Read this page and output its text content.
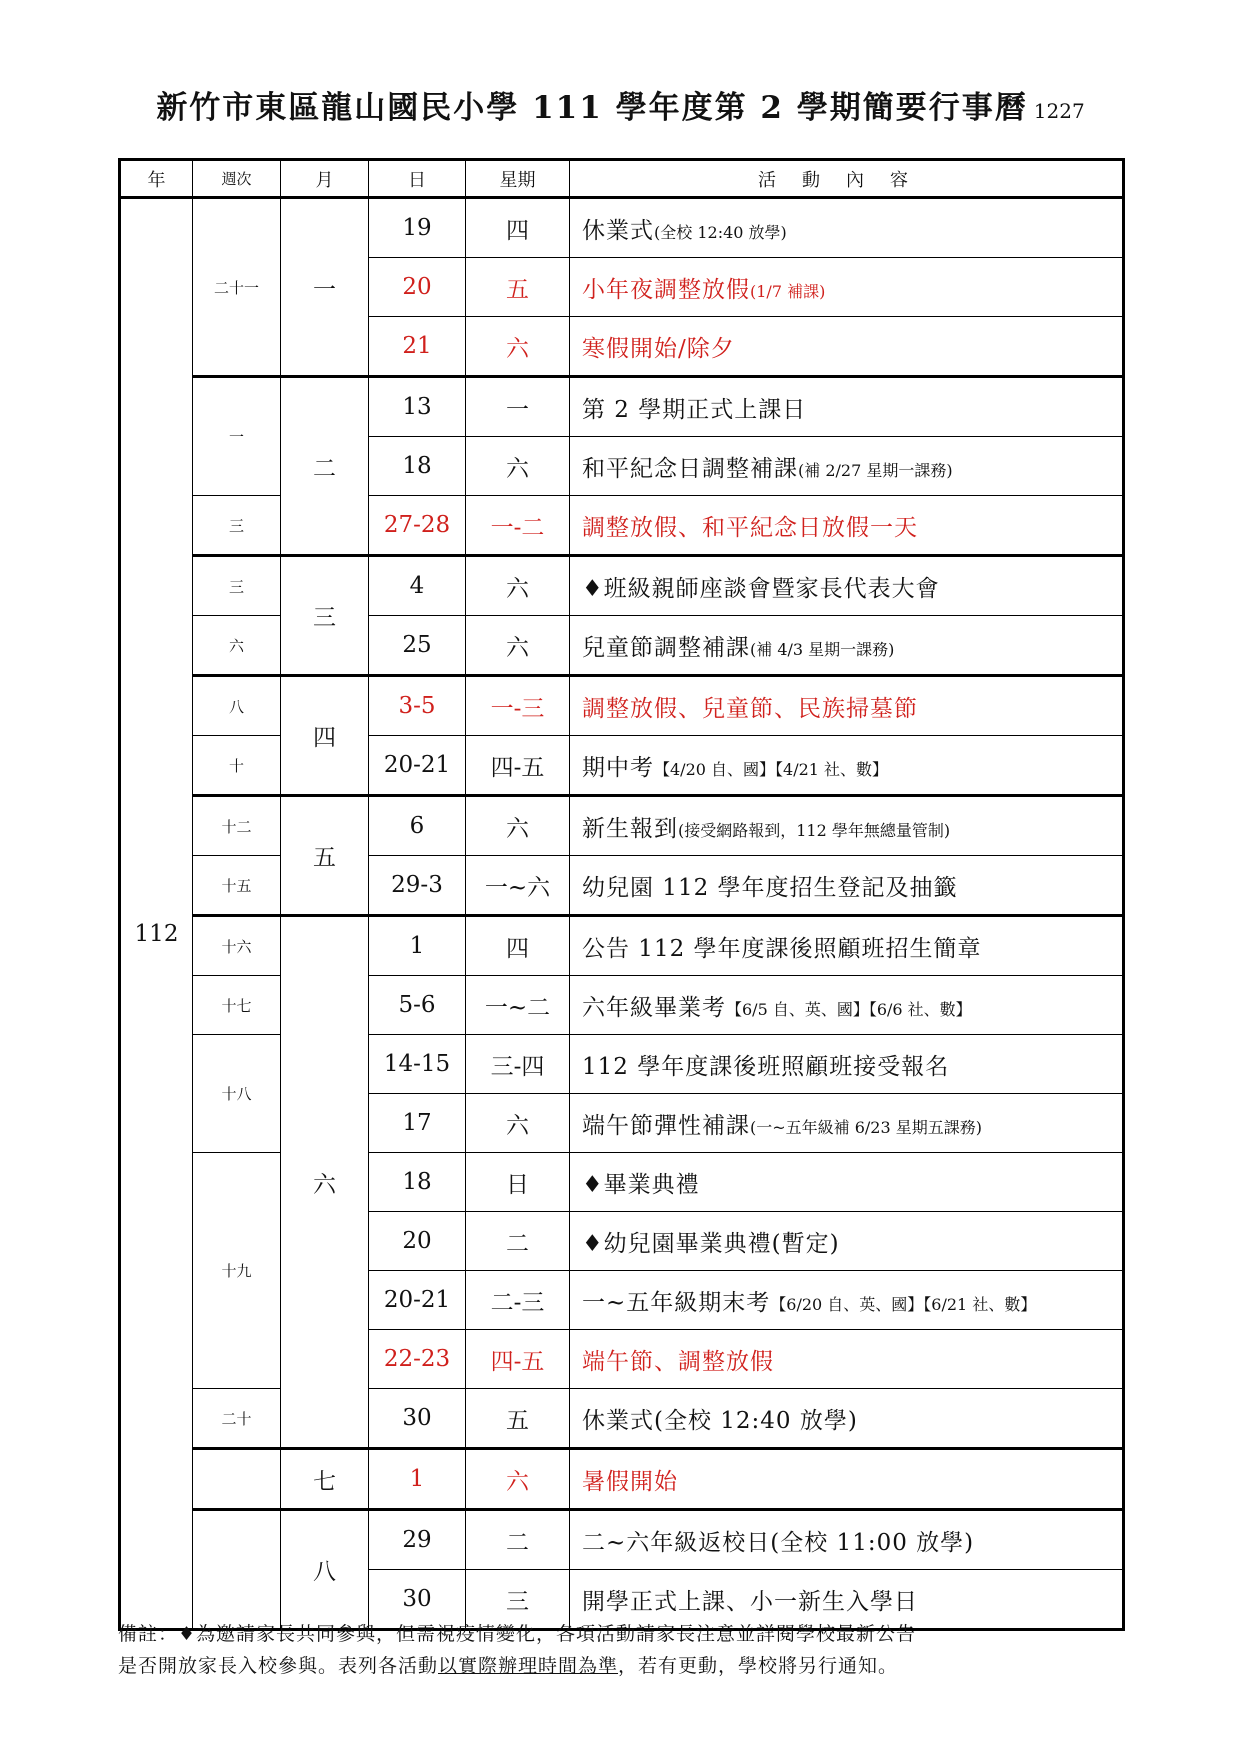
新竹市東區龍山國民小學 111 學年度第 2 學期簡要行事曆 1227
年	週次	月	日	星期	活動內容
112	二十一	一	19	四	休業式(全校 12:40 放學)
			20	五	小年夜調整放假(1/7 補課)
			21	六	寒假開始/除夕
	一	二	13	一	第 2 學期正式上課日
			18	六	和平紀念日調整補課(補 2/27 星期一課務)
	三		27-28	一-二	調整放假、和平紀念日放假一天
	三	三	4	六	♦班級親師座談會暨家長代表大會
	六		25	六	兒童節調整補課(補 4/3 星期一課務)
	八	四	3-5	一-三	調整放假、兒童節、民族掃墓節
	十		20-21	四-五	期中考【4/20 自、國】【4/21 社、數】
	十二	五	6	六	新生報到(接受網路報到，112 學年無總量管制)
	十五		29-3	一~六	幼兒園 112 學年度招生登記及抽籤
	十六	六	1	四	公告 112 學年度課後照顧班招生簡章
	十七		5-6	一~二	六年級畢業考【6/5 自、英、國】【6/6 社、數】
	十八		14-15	三-四	112 學年度課後班照顧班接受報名
			17	六	端午節彈性補課(一~五年級補 6/23 星期五課務)
	十九		18	日	♦畢業典禮
			20	二	♦幼兒園畢業典禮(暫定)
			20-21	二-三	一~五年級期末考【6/20 自、英、國】【6/21 社、數】
			22-23	四-五	端午節、調整放假
	二十		30	五	休業式(全校 12:40 放學)
		七	1	六	暑假開始
		八	29	二	二~六年級返校日(全校 11:00 放學)
			30	三	開學正式上課、小一新生入學日
備註：♦為邀請家長共同參與，但需視疫情變化，各項活動請家長注意並詳閱學校最新公告
是否開放家長入校參與。表列各活動以實際辦理時間為準，若有更動，學校將另行通知。
